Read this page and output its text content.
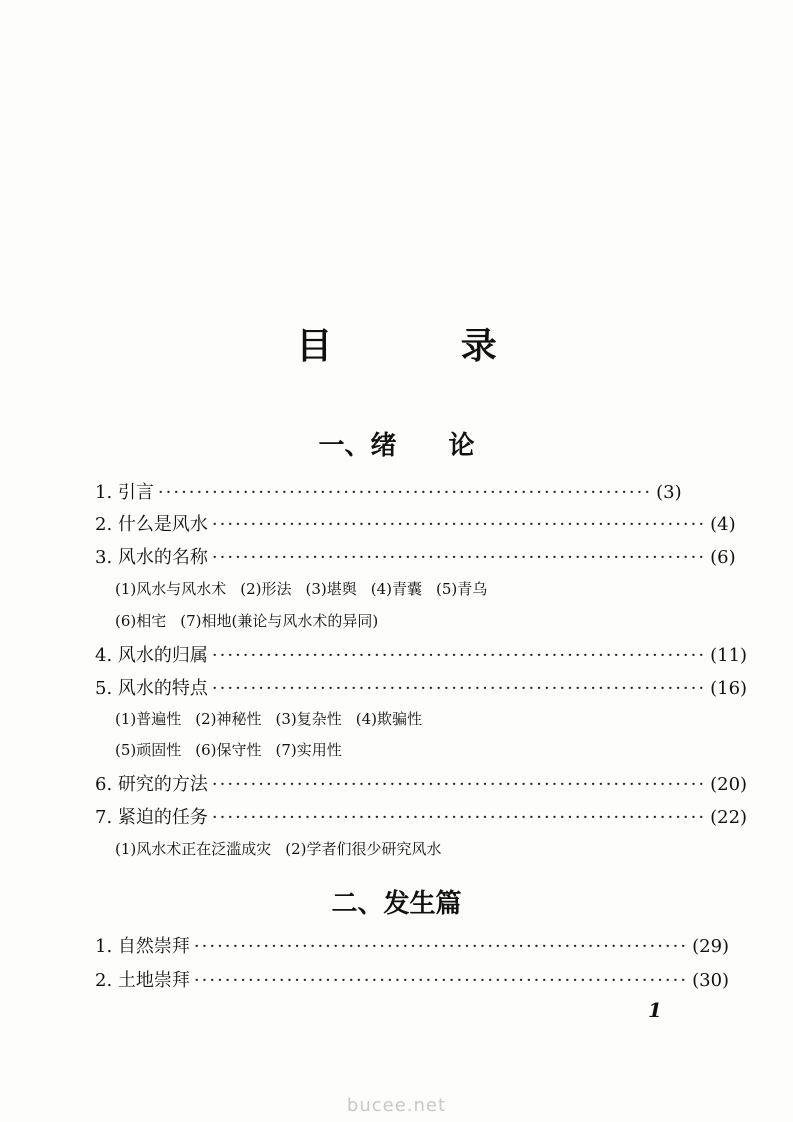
目 录
一、绪 论
1. 引言 ································································ (3)
2. 什么是风水 ································································ (4)
3. 风水的名称 ································································ (6)
(1)风水与风水术 (2)形法 (3)堪舆 (4)青囊 (5)青乌
(6)相宅 (7)相地(兼论与风水术的异同)
4. 风水的归属 ································································ (11)
5. 风水的特点 ································································ (16)
(1)普遍性 (2)神秘性 (3)复杂性 (4)欺骗性
(5)顽固性 (6)保守性 (7)实用性
6. 研究的方法 ································································ (20)
7. 紧迫的任务 ································································ (22)
(1)风水术正在泛滥成灾 (2)学者们很少研究风水
二、发生篇
1. 自然崇拜 ································································ (29)
2. 土地崇拜 ································································ (30)
1
bucee.net
